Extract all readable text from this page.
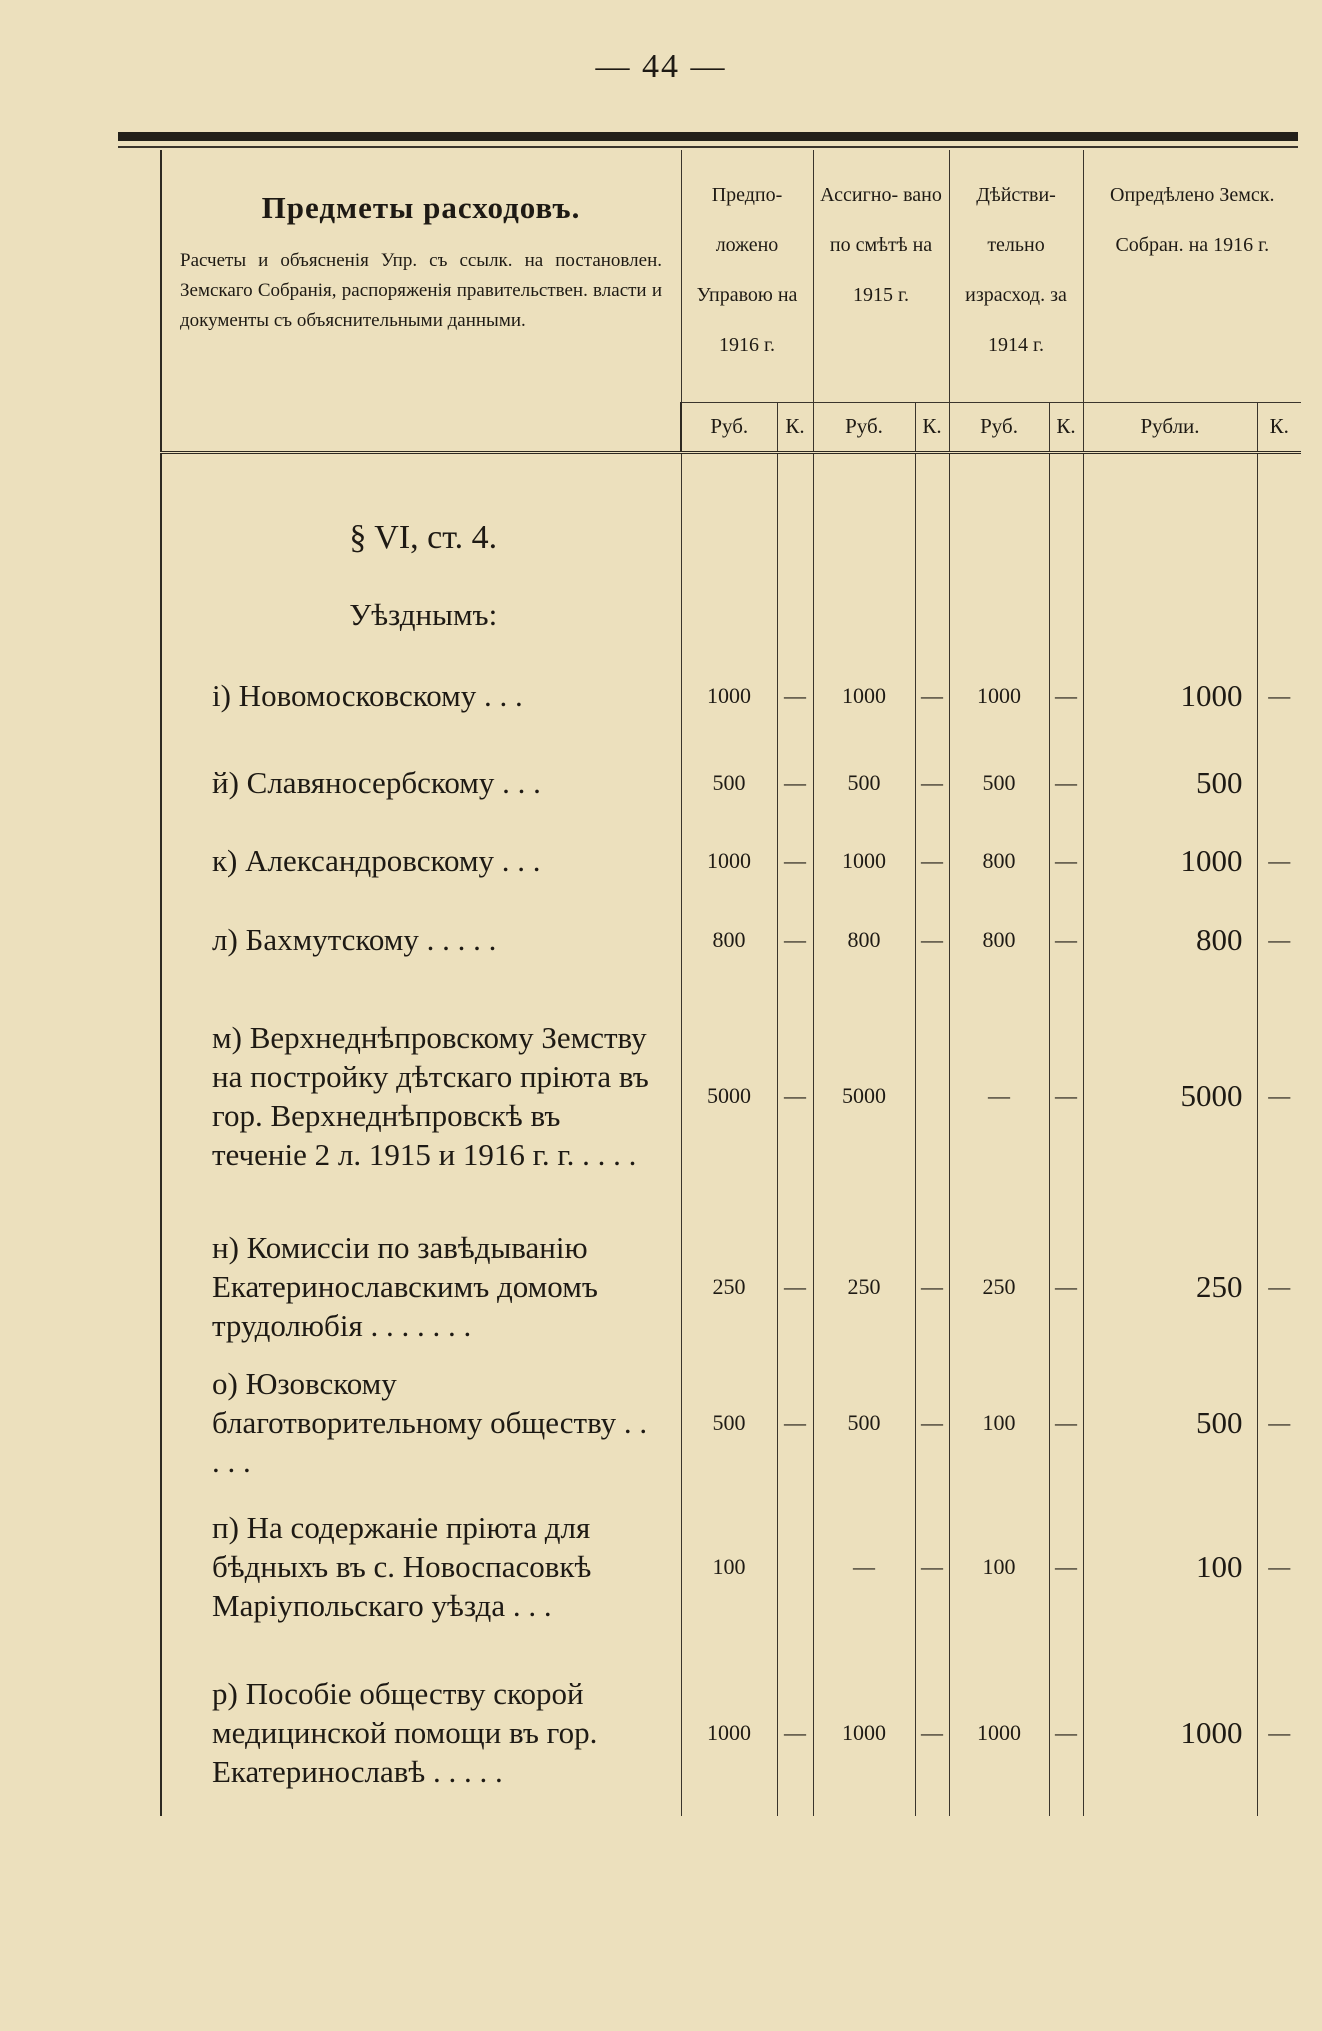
— 44 —
Предметы расходовъ.
Расчеты и объясненія Упр. съ ссылк. на постановлен. Земскаго Собранія, распоряженія правительствен. власти и документы съ объяснительными данными.	Предпо- ложено Управою на 1916 г.		Ассигно- вано по смѣтѣ на 1915 г.		Дѣйстви- тельно израсход. за 1914 г.		Опредѣлено Земск. Собран. на 1916 г.	
	Руб.	К.	Руб.	К.	Руб.	К.	Рубли.	К.

§ VI, ст. 4.								
Уѣзднымъ:								
і) Новомосковскому . . .	1000	—	1000	—	1000	—	1000	—
й) Славяносербскому . . .	500	—	500	—	500	—	500	
к) Александровскому . . .	1000	—	1000	—	800	—	1000	—
л) Бахмутскому . . . . .	800	—	800	—	800	—	800	—
м) Верхнеднѣпровскому Земству на постройку дѣтскаго пріюта въ гор. Верхнеднѣпровскѣ въ теченіе 2 л. 1915 и 1916 г. г. . . . .	5000	—	5000		—	—	5000	—
н) Комиссіи по завѣдыванію Екатеринославскимъ домомъ трудолюбія . . . . . . .	250	—	250	—	250	—	250	—
о) Юзовскому благотворительному обществу . . . . .	500	—	500	—	100	—	500	—
п) На содержаніе пріюта для бѣдныхъ въ с. Новоспасовкѣ Маріупольскаго уѣзда . . .	100		—	—	100	—	100	—
р) Пособіе обществу скорой медицинской помощи въ гор. Екатеринославѣ . . . . .	1000	—	1000	—	1000	—	1000	—
